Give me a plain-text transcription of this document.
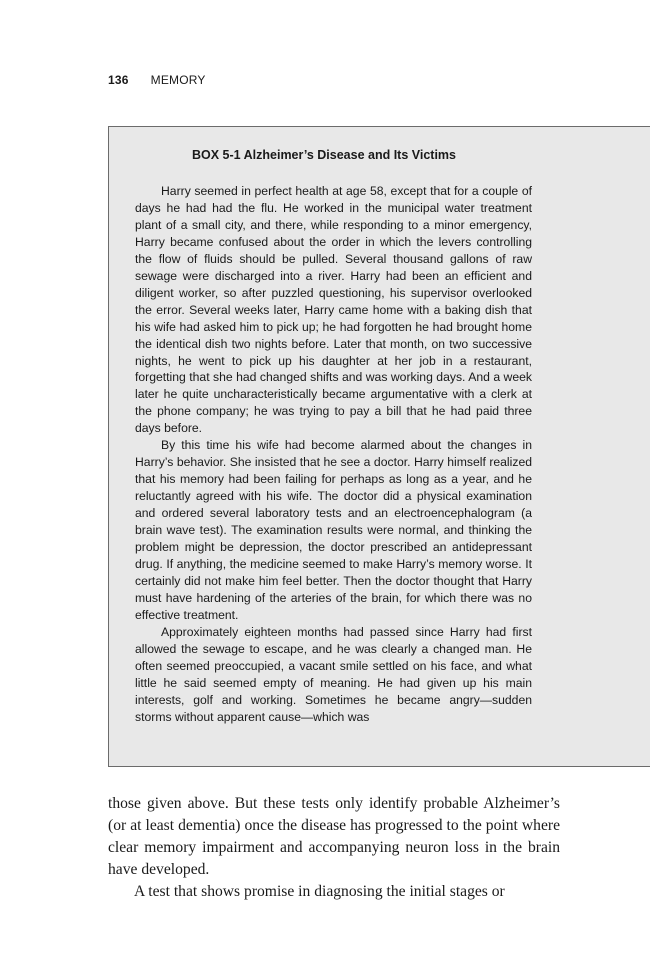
136 MEMORY
BOX 5-1 Alzheimer’s Disease and Its Victims

Harry seemed in perfect health at age 58, except that for a couple of days he had had the flu. He worked in the municipal water treatment plant of a small city, and there, while responding to a minor emergency, Harry became confused about the order in which the levers controlling the flow of fluids should be pulled. Several thousand gallons of raw sewage were discharged into a river. Harry had been an efficient and diligent worker, so after puzzled questioning, his supervisor overlooked the error. Several weeks later, Harry came home with a baking dish that his wife had asked him to pick up; he had forgotten he had brought home the identical dish two nights before. Later that month, on two successive nights, he went to pick up his daughter at her job in a restaurant, forgetting that she had changed shifts and was working days. And a week later he quite uncharacteristically became argumentative with a clerk at the phone company; he was trying to pay a bill that he had paid three days before.

By this time his wife had become alarmed about the changes in Harry’s behavior. She insisted that he see a doctor. Harry himself realized that his memory had been failing for perhaps as long as a year, and he reluctantly agreed with his wife. The doctor did a physical examination and ordered several laboratory tests and an electroencephalogram (a brain wave test). The examination results were normal, and thinking the problem might be depression, the doctor prescribed an antidepressant drug. If anything, the medicine seemed to make Harry’s memory worse. It certainly did not make him feel better. Then the doctor thought that Harry must have hardening of the arteries of the brain, for which there was no effective treatment.

Approximately eighteen months had passed since Harry had first allowed the sewage to escape, and he was clearly a changed man. He often seemed preoccupied, a vacant smile settled on his face, and what little he said seemed empty of meaning. He had given up his main interests, golf and working. Sometimes he became angry—sudden storms without apparent cause—which was

those given above. But these tests only identify probable Alzheimer’s (or at least dementia) once the disease has progressed to the point where clear memory impairment and accompanying neuron loss in the brain have developed.

A test that shows promise in diagnosing the initial stages or
